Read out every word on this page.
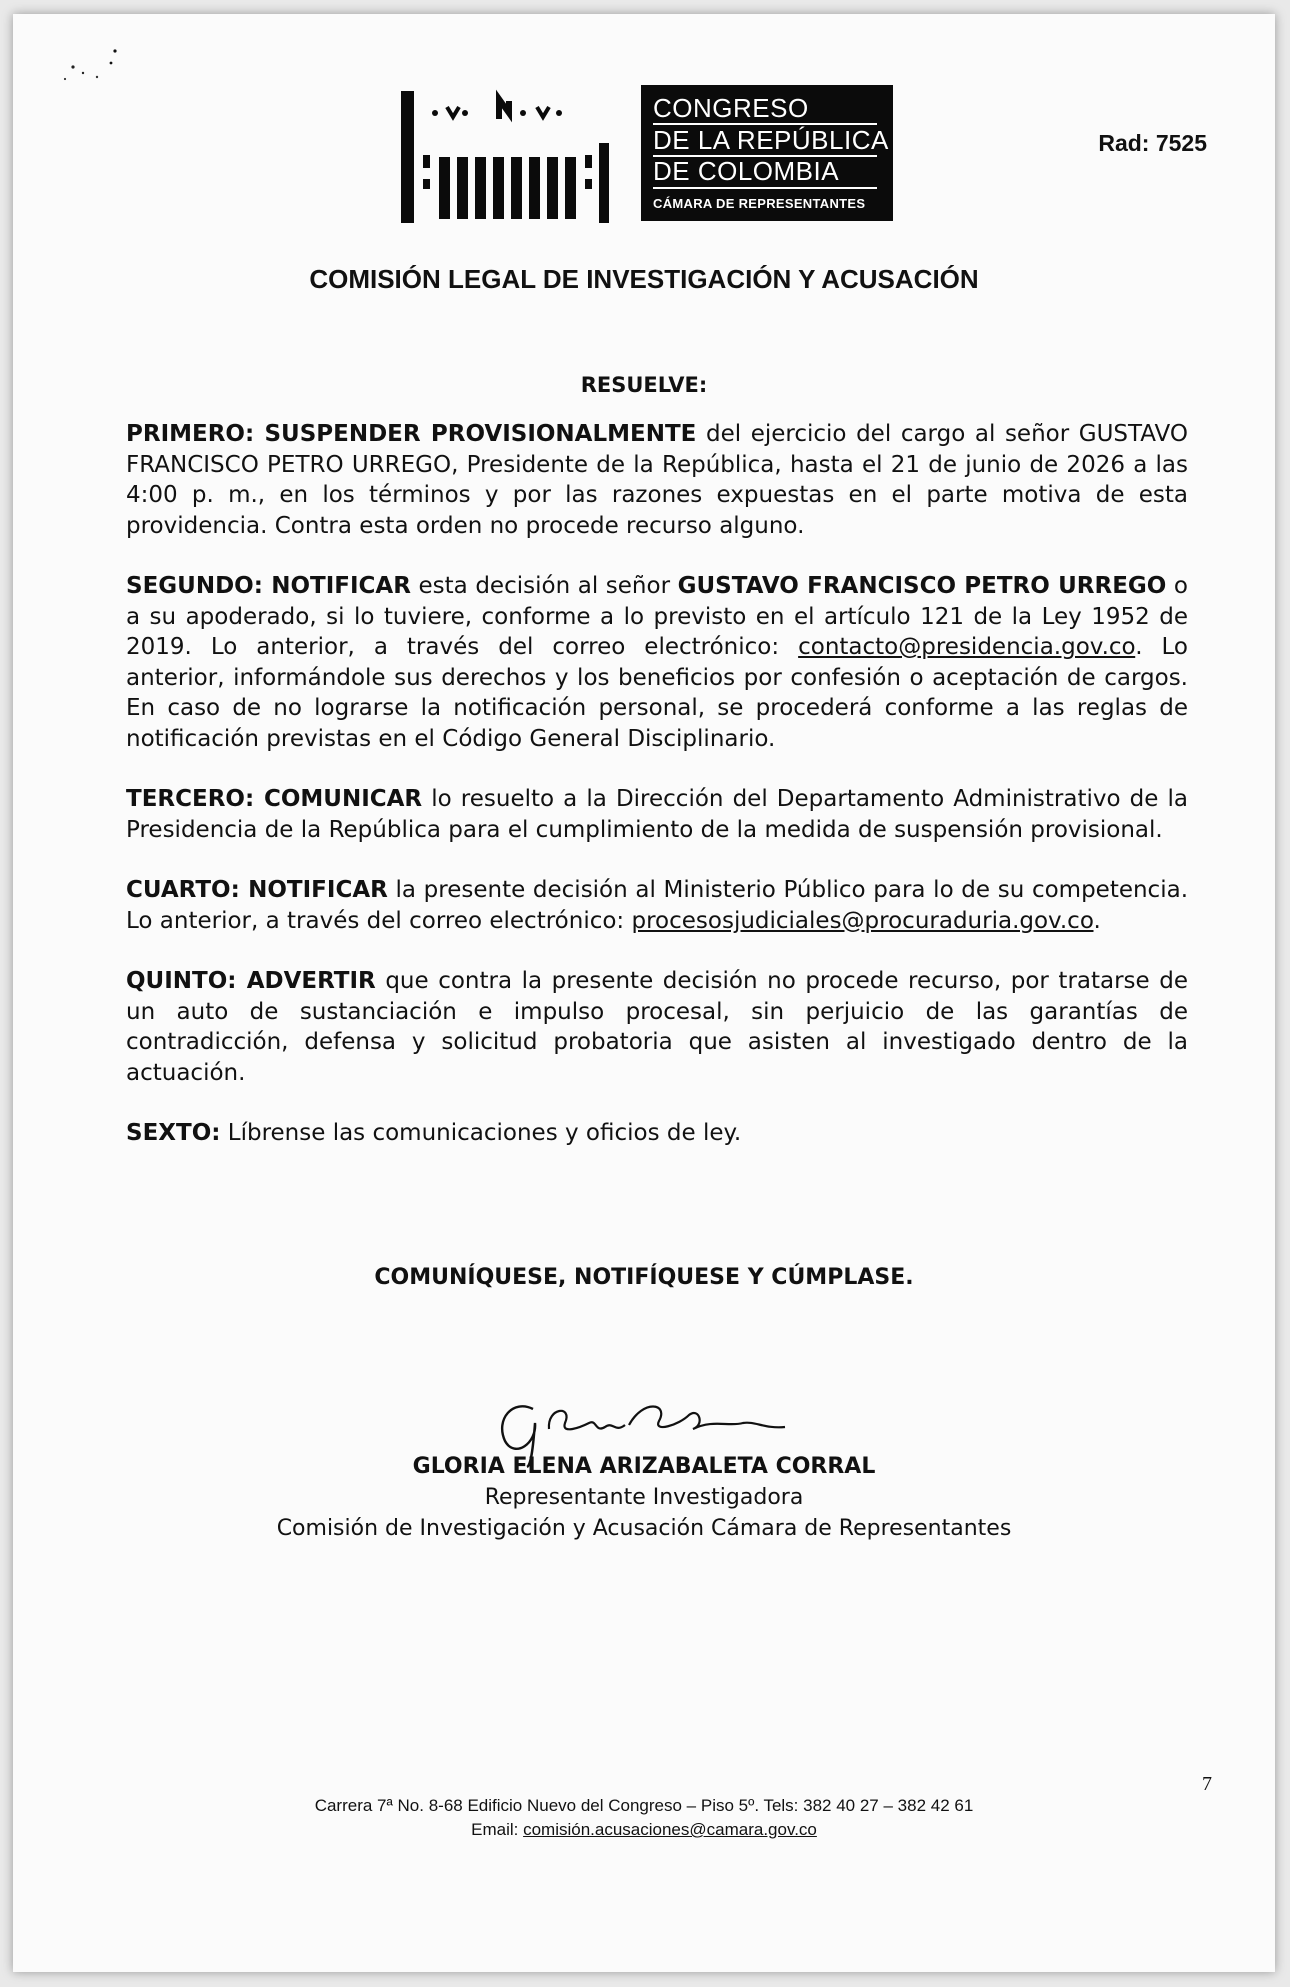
CONGRESO
DE LA REPÚBLICA
DE COLOMBIA
CÁMARA DE REPRESENTANTES
Rad: 7525
COMISIÓN LEGAL DE INVESTIGACIÓN Y ACUSACIÓN
RESUELVE:

PRIMERO: SUSPENDER PROVISIONALMENTE del ejercicio del cargo al señor GUSTAVO FRANCISCO PETRO URREGO, Presidente de la República, hasta el 21 de junio de 2026 a las 4:00 p. m., en los términos y por las razones expuestas en el parte motiva de esta providencia. Contra esta orden no procede recurso alguno.

SEGUNDO: NOTIFICAR esta decisión al señor GUSTAVO FRANCISCO PETRO URREGO o a su apoderado, si lo tuviere, conforme a lo previsto en el artículo 121 de la Ley 1952 de 2019. Lo anterior, a través del correo electrónico: contacto@presidencia.gov.co. Lo anterior, informándole sus derechos y los beneficios por confesión o aceptación de cargos. En caso de no lograrse la notificación personal, se procederá conforme a las reglas de notificación previstas en el Código General Disciplinario.

TERCERO: COMUNICAR lo resuelto a la Dirección del Departamento Administrativo de la Presidencia de la República para el cumplimiento de la medida de suspensión provisional.

CUARTO: NOTIFICAR la presente decisión al Ministerio Público para lo de su competencia. Lo anterior, a través del correo electrónico: procesosjudiciales@procuraduria.gov.co.

QUINTO: ADVERTIR que contra la presente decisión no procede recurso, por tratarse de un auto de sustanciación e impulso procesal, sin perjuicio de las garantías de contradicción, defensa y solicitud probatoria que asisten al investigado dentro de la actuación.

SEXTO: Líbrense las comunicaciones y oficios de ley.

COMUNÍQUESE, NOTIFÍQUESE Y CÚMPLASE.
GLORIA ELENA ARIZABALETA CORRAL
Representante Investigadora
Comisión de Investigación y Acusación Cámara de Representantes
7
Carrera 7ª No. 8-68 Edificio Nuevo del Congreso – Piso 5º. Tels: 382 40 27 – 382 42 61
Email: comisión.acusaciones@camara.gov.co
